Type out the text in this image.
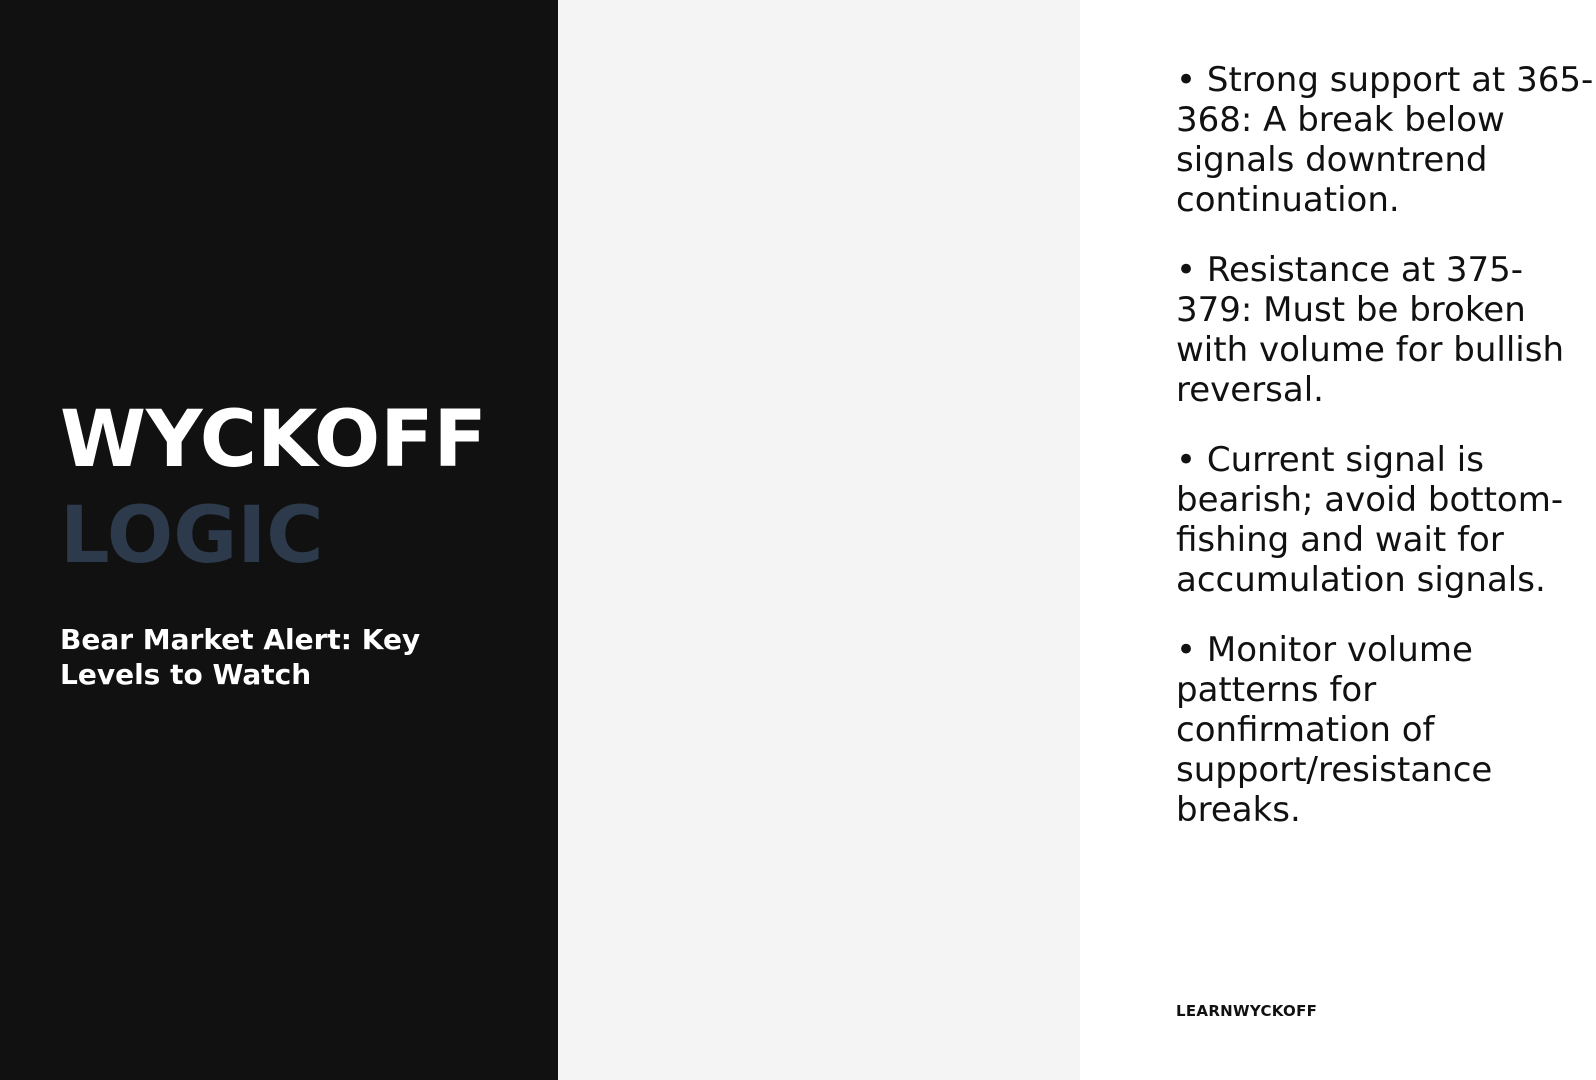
WYCKOFF
LOGIC

Bear Market Alert: Key Levels to Watch

• Strong support at 365-368: A break below signals downtrend continuation.
• Resistance at 375-379: Must be broken with volume for bullish reversal.
• Current signal is bearish; avoid bottom-fishing and wait for accumulation signals.
• Monitor volume patterns for confirmation of support/resistance breaks.
LEARNWYCKOFF
